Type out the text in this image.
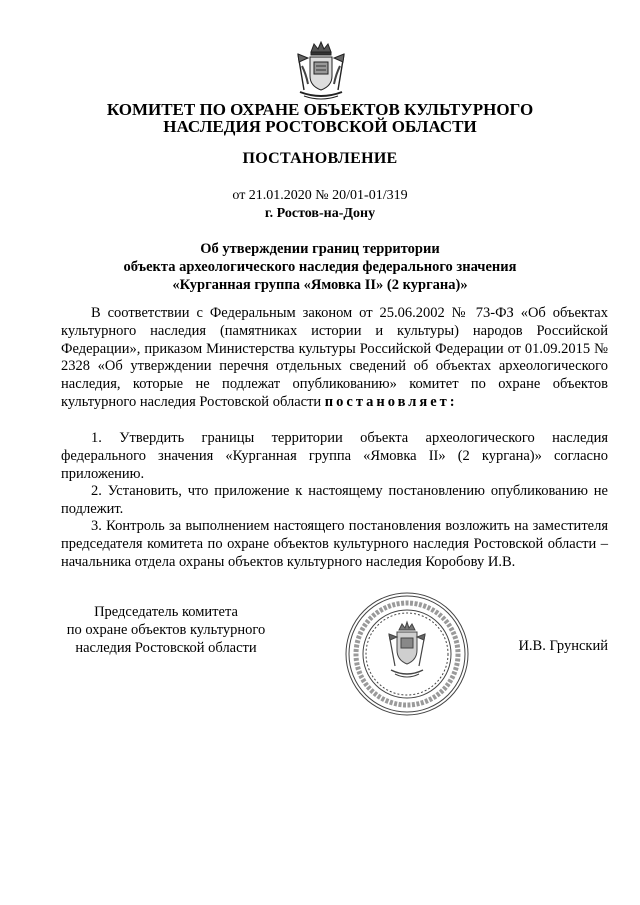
КОМИТЕТ ПО ОХРАНЕ ОБЪЕКТОВ КУЛЬТУРНОГО
НАСЛЕДИЯ РОСТОВСКОЙ ОБЛАСТИ
ПОСТАНОВЛЕНИЕ
от 21.01.2020 № 20/01-01/319
г. Ростов-на-Дону
Об утверждении границ территории
объекта археологического наследия федерального значения
«Курганная группа «Ямовка II» (2 кургана)»
В соответствии с Федеральным законом от 25.06.2002 № 73-ФЗ «Об объектах культурного наследия (памятниках истории и культуры) народов Российской Федерации», приказом Министерства культуры Российской Федерации от 01.09.2015 № 2328 «Об утверждении перечня отдельных сведений об объектах археологического наследия, которые не подлежат опубликованию» комитет по охране объектов культурного наследия Ростовской области постановляет:
1. Утвердить границы территории объекта археологического наследия федерального значения «Курганная группа «Ямовка II» (2 кургана)» согласно приложению.
2. Установить, что приложение к настоящему постановлению опубликованию не подлежит.
3. Контроль за выполнением настоящего постановления возложить на заместителя председателя комитета по охране объектов культурного наследия Ростовской области – начальника отдела охраны объектов культурного наследия Коробову И.В.
Председатель комитета
по охране объектов культурного
наследия Ростовской области	И.В. Грунский
